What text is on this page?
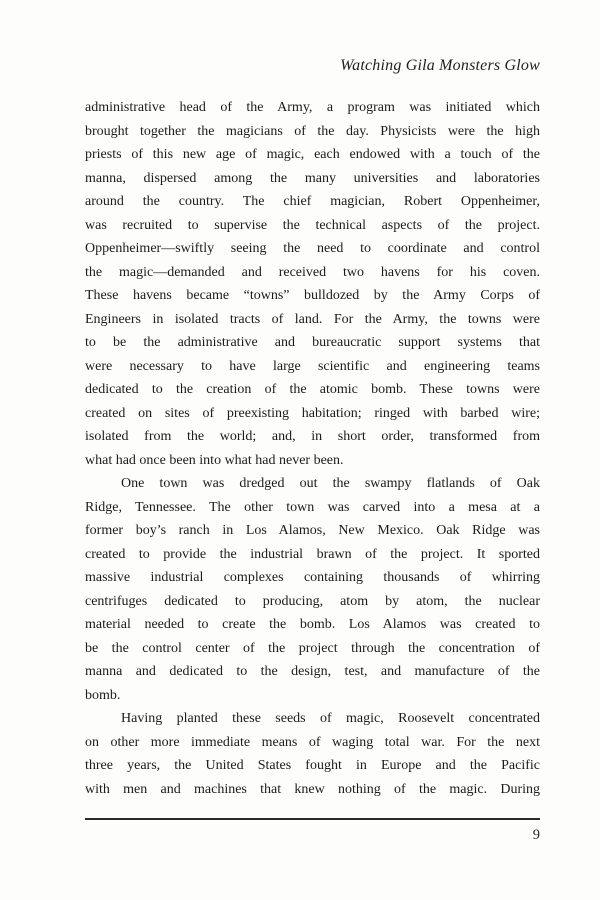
Watching Gila Monsters Glow
administrative head of the Army, a program was initiated which
brought together the magicians of the day. Physicists were the high
priests of this new age of magic, each endowed with a touch of the
manna, dispersed among the many universities and laboratories
around the country. The chief magician, Robert Oppenheimer,
was recruited to supervise the technical aspects of the project.
Oppenheimer—swiftly seeing the need to coordinate and control
the magic—demanded and received two havens for his coven.
These havens became “towns” bulldozed by the Army Corps of
Engineers in isolated tracts of land. For the Army, the towns were
to be the administrative and bureaucratic support systems that
were necessary to have large scientific and engineering teams
dedicated to the creation of the atomic bomb. These towns were
created on sites of preexisting habitation; ringed with barbed wire;
isolated from the world; and, in short order, transformed from
what had once been into what had never been.
One town was dredged out the swampy flatlands of Oak
Ridge, Tennessee. The other town was carved into a mesa at a
former boy’s ranch in Los Alamos, New Mexico. Oak Ridge was
created to provide the industrial brawn of the project. It sported
massive industrial complexes containing thousands of whirring
centrifuges dedicated to producing, atom by atom, the nuclear
material needed to create the bomb. Los Alamos was created to
be the control center of the project through the concentration of
manna and dedicated to the design, test, and manufacture of the
bomb.
Having planted these seeds of magic, Roosevelt concentrated
on other more immediate means of waging total war. For the next
three years, the United States fought in Europe and the Pacific
with men and machines that knew nothing of the magic. During
9
